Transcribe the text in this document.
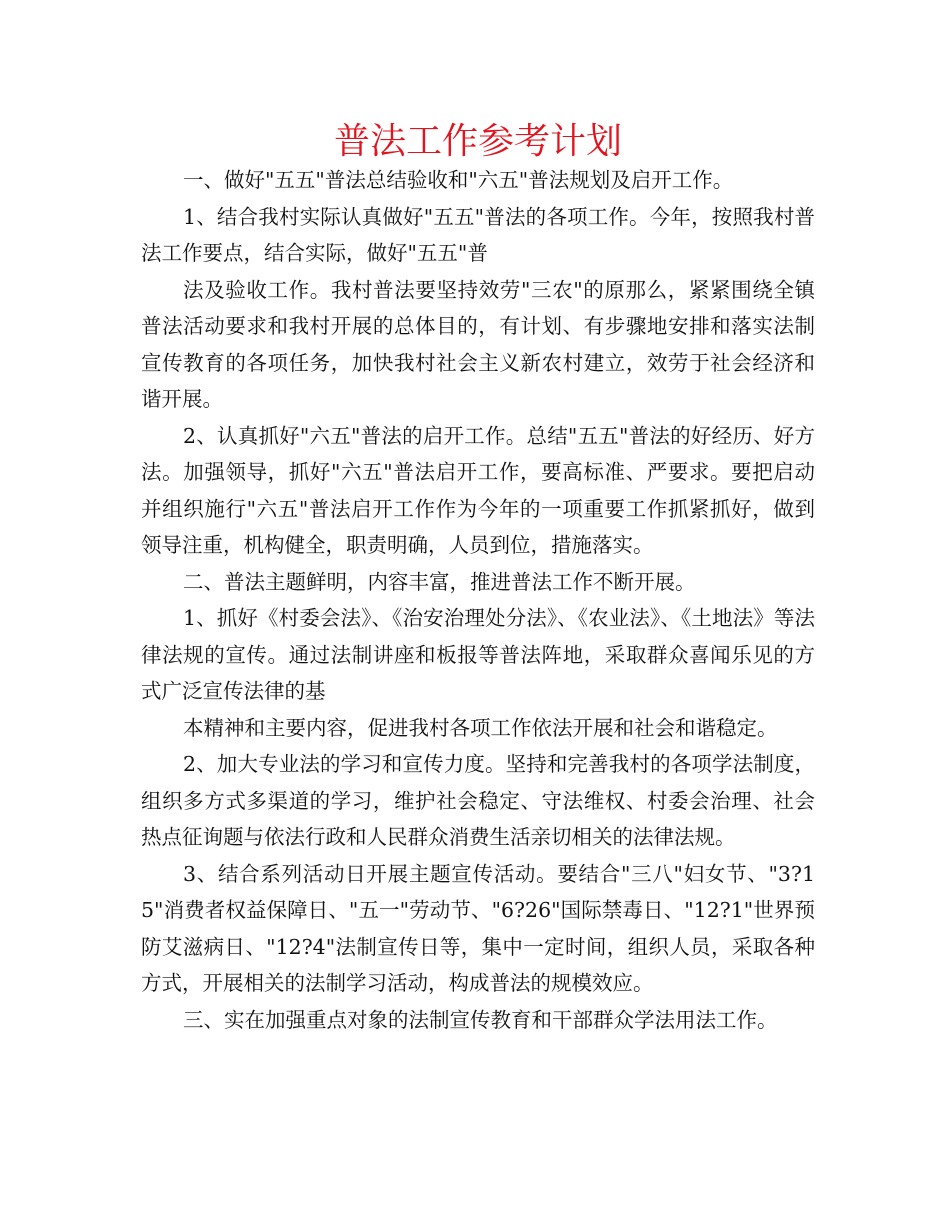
普法工作参考计划

一、做好"五五"普法总结验收和"六五"普法规划及启开工作。

1、结合我村实际认真做好"五五"普法的各项工作。今年，按照我村普法工作要点，结合实际，做好"五五"普

法及验收工作。我村普法要坚持效劳"三农"的原那么，紧紧围绕全镇普法活动要求和我村开展的总体目的，有计划、有步骤地安排和落实法制宣传教育的各项任务，加快我村社会主义新农村建立，效劳于社会经济和谐开展。

2、认真抓好"六五"普法的启开工作。总结"五五"普法的好经历、好方法。加强领导，抓好"六五"普法启开工作，要高标准、严要求。要把启动并组织施行"六五"普法启开工作作为今年的一项重要工作抓紧抓好，做到领导注重，机构健全，职责明确，人员到位，措施落实。

二、普法主题鲜明，内容丰富，推进普法工作不断开展。

1、抓好《村委会法》、《治安治理处分法》、《农业法》、《土地法》等法律法规的宣传。通过法制讲座和板报等普法阵地，采取群众喜闻乐见的方式广泛宣传法律的基

本精神和主要内容，促进我村各项工作依法开展和社会和谐稳定。

2、加大专业法的学习和宣传力度。坚持和完善我村的各项学法制度，组织多方式多渠道的学习，维护社会稳定、守法维权、村委会治理、社会热点征询题与依法行政和人民群众消费生活亲切相关的法律法规。

3、结合系列活动日开展主题宣传活动。要结合"三八"妇女节、"3?15"消费者权益保障日、"五一"劳动节、"6?26"国际禁毒日、"12?1"世界预防艾滋病日、"12?4"法制宣传日等，集中一定时间，组织人员，采取各种方式，开展相关的法制学习活动，构成普法的规模效应。

三、实在加强重点对象的法制宣传教育和干部群众学法用法工作。
